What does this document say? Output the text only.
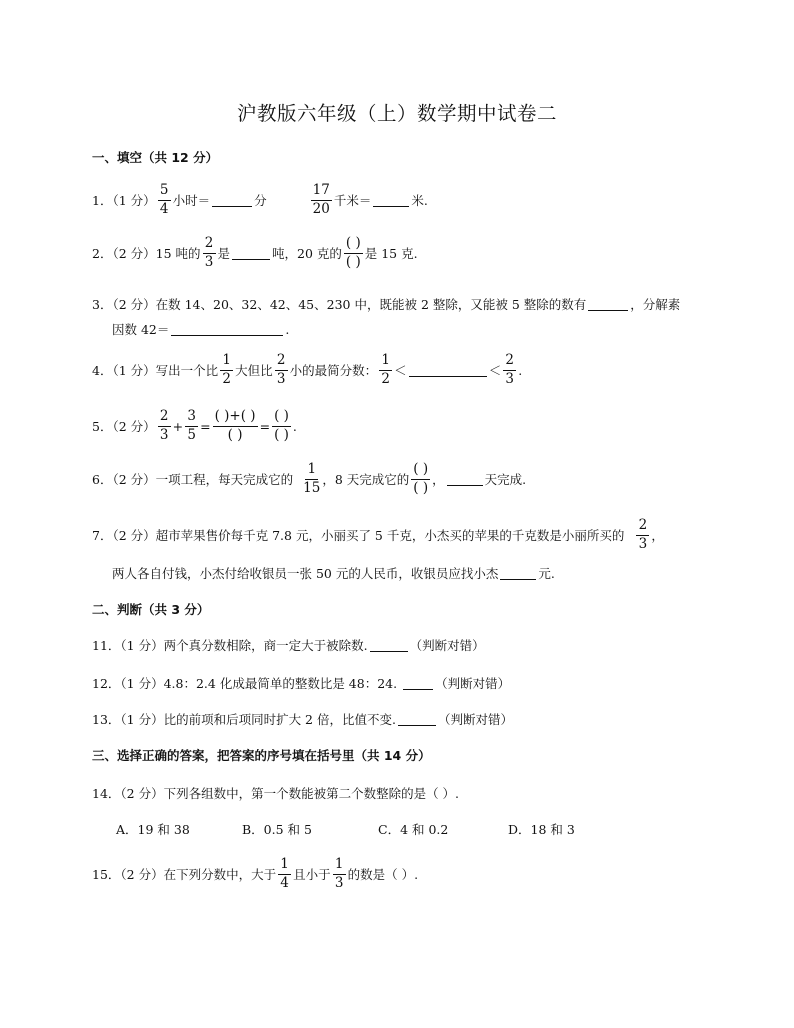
沪教版六年级（上）数学期中试卷二
一、填空（共 12 分）
1．（1 分） $\frac{5}{4}$ 小时＝	分	$\frac{17}{20}$ 千米＝	米.
2．（2 分）15 吨的 $\frac{2}{3}$ 是	吨，20 克的 $\frac{( )}{( )}$ 是 15 克.
3．（2 分）在数 14、20、32、42、45、230 中，既能被 2 整除，又能被 5 整除的数有	，分解素
因数 42＝	.
4．（1 分）写出一个比 $\frac{1}{2}$ 大但比 $\frac{2}{3}$ 小的最简分数： $\frac{1}{2}$ ＜	＜ $\frac{2}{3}$ .
5．（2 分） $\frac{2}{3} + \frac{3}{5} = \frac{( )+( )}{( )} = \frac{( )}{( )}$ .
6．（2 分）一项工程，每天完成它的 $\frac{1}{15}$ ，8 天完成它的 $\frac{( )}{( )}$ ，	天完成.
7．（2 分）超市苹果售价每千克 7.8 元，小丽买了 5 千克，小杰买的苹果的千克数是小丽所买的 $\frac{2}{3}$ ，
两人各自付钱，小杰付给收银员一张 50 元的人民币，收银员应找小杰	元.
二、判断（共 3 分）
11．（1 分）两个真分数相除，商一定大于被除数.	（判断对错）
12．（1 分）4.8：2.4 化成最简单的整数比是 48：24.	（判断对错）
13．（1 分）比的前项和后项同时扩大 2 倍，比值不变.	（判断对错）
三、选择正确的答案，把答案的序号填在括号里（共 14 分）
14．（2 分）下列各组数中，第一个数能被第二个数整除的是（ ）.
A．19 和 38	B．0.5 和 5	C．4 和 0.2	D．18 和 3
15．（2 分）在下列分数中，大于 $\frac{1}{4}$ 且小于 $\frac{1}{3}$ 的数是（ ）.
